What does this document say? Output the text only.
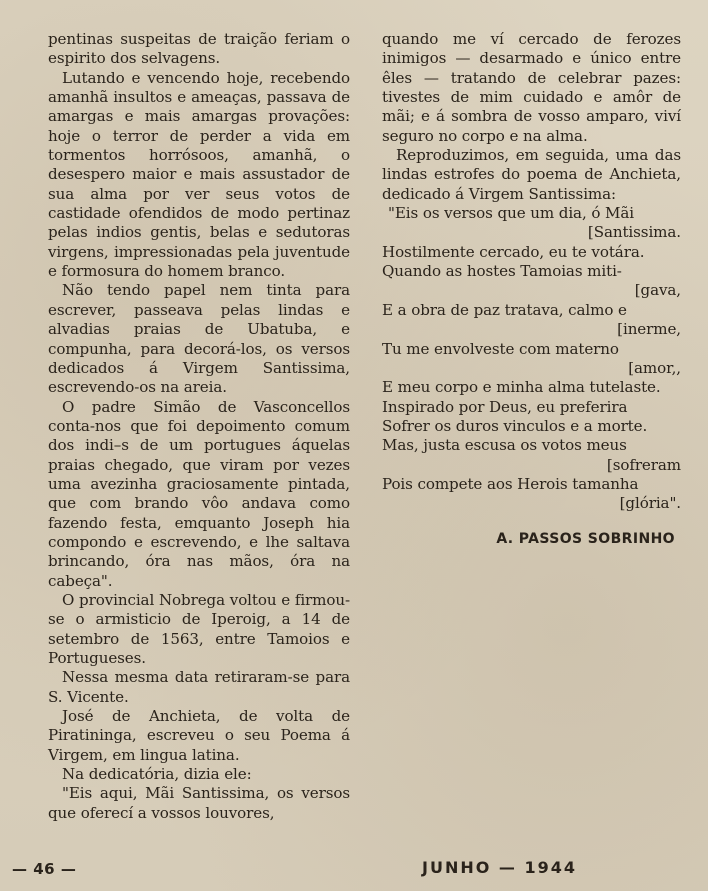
pentinas suspeitas de traição feriam o espirito dos selvagens.

Lutando e vencendo hoje, recebendo amanhã insultos e ameaças, passava de amargas e mais amargas provações: hoje o terror de perder a vida em tormentos horrósoos, amanhã, o desespero maior e mais assustador de sua alma por ver seus votos de castidade ofendidos de modo pertinaz pelas indios gentis, belas e sedutoras virgens, impressionadas pela juventude e formosura do homem branco.

Não tendo papel nem tinta para escrever, passeava pelas lindas e alvadias praias de Ubatuba, e compunha, para decorá-los, os versos dedicados á Virgem Santissima, escrevendo-os na areia.

O padre Simão de Vasconcellos conta-nos que foi depoimento comum dos indi–s de um portugues áquelas praias chegado, que viram por vezes uma avezinha graciosamente pintada, que com brando vôo andava como fazendo festa, emquanto Joseph hia compondo e escrevendo, e lhe saltava brincando, óra nas mãos, óra na cabeça".

O provincial Nobrega voltou e firmou-se o armisticio de Iperoig, a 14 de setembro de 1563, entre Tamoios e Portugueses.

Nessa mesma data retiraram-se para S. Vicente.

José de Anchieta, de volta de Piratininga, escreveu o seu Poema á Virgem, em lingua latina.

Na dedicatória, dizia ele:

"Eis aqui, Mãi Santissima, os versos que oferecí a vossos louvores,

quando me ví cercado de ferozes inimigos — desarmado e único entre êles — tratando de celebrar pazes: tivestes de mim cuidado e amôr de mãi; e á sombra de vosso amparo, viví seguro no corpo e na alma.

Reproduzimos, em seguida, uma das lindas estrofes do poema de Anchieta, dedicado á Virgem Santissima:

"Eis os versos que um dia, ó Mãi
[Santissima.
Hostilmente cercado, eu te votára.
Quando as hostes Tamoias miti-
[gava,
E a obra de paz tratava, calmo e
[inerme,
Tu me envolveste com materno
[amor,,
E meu corpo e minha alma tutelaste.
Inspirado por Deus, eu preferira
Sofrer os duros vinculos e a morte.
Mas, justa escusa os votos meus
[sofreram
Pois compete aos Herois tamanha
[glória".
A. PASSOS SOBRINHO
— 46 —	JUNHO — 1944
